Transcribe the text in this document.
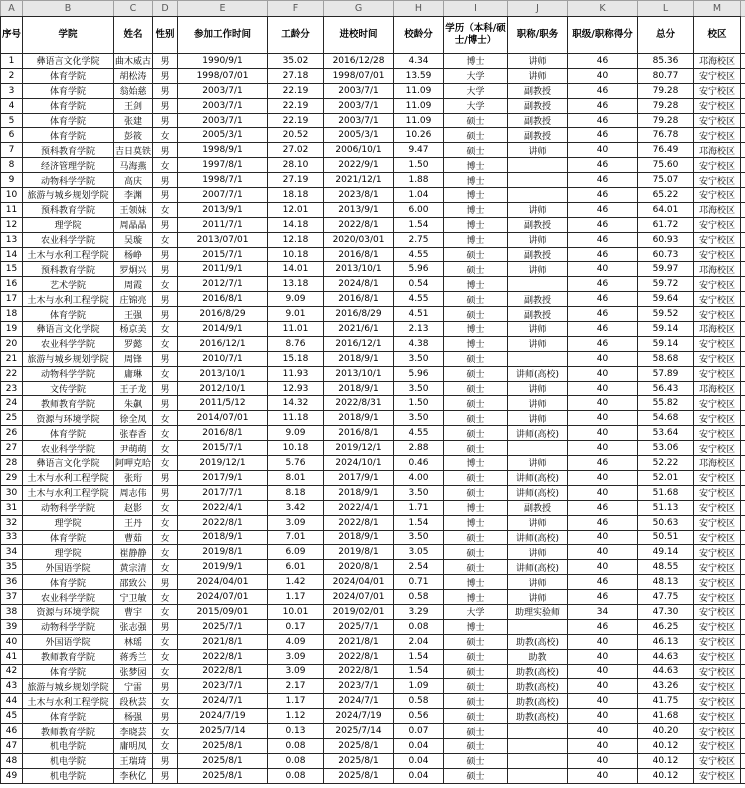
A	B	C	D	E	F	G	H	I	J	K	L	M	
序号	学院	姓名	性别	参加工作时间	工龄分	进校时间	校龄分	学历（本科/硕士/博士）	职称/职务	职级/职称得分	总分	校区	
1	彝语言文化学院	曲木威古	男	1990/9/1	35.02	2016/12/28	4.34	博士	讲师	46	85.36	邛海校区	
2	体育学院	胡松涛	男	1998/07/01	27.18	1998/07/01	13.59	大学	讲师	40	80.77	安宁校区	
3	体育学院	翁始慈	男	2003/7/1	22.19	2003/7/1	11.09	大学	副教授	46	79.28	安宁校区	
4	体育学院	王剑	男	2003/7/1	22.19	2003/7/1	11.09	大学	副教授	46	79.28	安宁校区	
5	体育学院	张建	男	2003/7/1	22.19	2003/7/1	11.09	硕士	副教授	46	79.28	安宁校区	
6	体育学院	彭筱	女	2005/3/1	20.52	2005/3/1	10.26	硕士	副教授	46	76.78	安宁校区	
7	预科教育学院	吉日莫铁	男	1998/9/1	27.02	2006/10/1	9.47	硕士	讲师	40	76.49	邛海校区	
8	经济管理学院	马海燕	女	1997/8/1	28.10	2022/9/1	1.50	博士		46	75.60	安宁校区	
9	动物科学学院	高庆	男	1998/7/1	27.19	2021/12/1	1.88	博士		46	75.07	安宁校区	
10	旅游与城乡规划学院	李渊	男	2007/7/1	18.18	2023/8/1	1.04	博士		46	65.22	安宁校区	
11	预科教育学院	王领妹	女	2013/9/1	12.01	2013/9/1	6.00	博士	讲师	46	64.01	邛海校区	
12	理学院	周晶晶	男	2011/7/1	14.18	2022/8/1	1.54	博士	副教授	46	61.72	安宁校区	
13	农业科学学院	吴璇	女	2013/07/01	12.18	2020/03/01	2.75	博士	讲师	46	60.93	安宁校区	
14	土木与水利工程学院	杨峥	男	2015/7/1	10.18	2016/8/1	4.55	硕士	副教授	46	60.73	安宁校区	
15	预科教育学院	罗炯兴	男	2011/9/1	14.01	2013/10/1	5.96	硕士	讲师	40	59.97	邛海校区	
16	艺术学院	周霞	女	2012/7/1	13.18	2024/8/1	0.54	博士		46	59.72	安宁校区	
17	土木与水利工程学院	庄锦亮	男	2016/8/1	9.09	2016/8/1	4.55	硕士	副教授	46	59.64	安宁校区	
18	体育学院	王强	男	2016/8/29	9.01	2016/8/29	4.51	硕士	副教授	46	59.52	安宁校区	
19	彝语言文化学院	杨京美	女	2014/9/1	11.01	2021/6/1	2.13	博士	讲师	46	59.14	邛海校区	
20	农业科学学院	罗懿	女	2016/12/1	8.76	2016/12/1	4.38	博士	讲师	46	59.14	安宁校区	
21	旅游与城乡规划学院	周锋	男	2010/7/1	15.18	2018/9/1	3.50	硕士		40	58.68	安宁校区	
22	动物科学学院	庸琳	女	2013/10/1	11.93	2013/10/1	5.96	硕士	讲师(高校)	40	57.89	安宁校区	
23	文传学院	王子龙	男	2012/10/1	12.93	2018/9/1	3.50	硕士	讲师	40	56.43	邛海校区	
24	教师教育学院	朱飙	男	2011/5/12	14.32	2022/8/31	1.50	硕士	讲师	40	55.82	安宁校区	
25	资源与环境学院	徐全凤	女	2014/07/01	11.18	2018/9/1	3.50	硕士	讲师	40	54.68	安宁校区	
26	体育学院	张春香	女	2016/8/1	9.09	2016/8/1	4.55	硕士	讲师(高校)	40	53.64	安宁校区	
27	农业科学学院	尹萌萌	女	2015/7/1	10.18	2019/12/1	2.88	硕士		40	53.06	安宁校区	
28	彝语言文化学院	阿呷克哈	女	2019/12/1	5.76	2024/10/1	0.46	博士	讲师	46	52.22	邛海校区	
29	土木与水利工程学院	张珩	男	2017/9/1	8.01	2017/9/1	4.00	硕士	讲师(高校)	40	52.01	安宁校区	
30	土木与水利工程学院	周志伟	男	2017/7/1	8.18	2018/9/1	3.50	硕士	讲师(高校)	40	51.68	安宁校区	
31	动物科学学院	赵影	女	2022/4/1	3.42	2022/4/1	1.71	博士	副教授	46	51.13	安宁校区	
32	理学院	王丹	女	2022/8/1	3.09	2022/8/1	1.54	博士	讲师	46	50.63	安宁校区	
33	体育学院	曹茹	女	2018/9/1	7.01	2018/9/1	3.50	硕士	讲师(高校)	40	50.51	安宁校区	
34	理学院	崔静静	女	2019/8/1	6.09	2019/8/1	3.05	硕士	讲师	40	49.14	安宁校区	
35	外国语学院	黄宗清	女	2019/9/1	6.01	2020/8/1	2.54	硕士	讲师(高校)	40	48.55	安宁校区	
36	体育学院	邵致公	男	2024/04/01	1.42	2024/04/01	0.71	博士	讲师	46	48.13	安宁校区	
37	农业科学学院	宁卫敏	女	2024/07/01	1.17	2024/07/01	0.58	博士	讲师	46	47.75	安宁校区	
38	资源与环境学院	曹宇	女	2015/09/01	10.01	2019/02/01	3.29	大学	助理实验师	34	47.30	安宁校区	
39	动物科学学院	张志强	男	2025/7/1	0.17	2025/7/1	0.08	博士		46	46.25	安宁校区	
40	外国语学院	林瑶	女	2021/8/1	4.09	2021/8/1	2.04	硕士	助教(高校)	40	46.13	安宁校区	
41	教师教育学院	蒋秀兰	女	2022/8/1	3.09	2022/8/1	1.54	硕士	助教	40	44.63	安宁校区	
42	体育学院	张梦园	女	2022/8/1	3.09	2022/8/1	1.54	硕士	助教(高校)	40	44.63	安宁校区	
43	旅游与城乡规划学院	宁雷	男	2023/7/1	2.17	2023/7/1	1.09	硕士	助教(高校)	40	43.26	安宁校区	
44	土木与水利工程学院	段秋芸	女	2024/7/1	1.17	2024/7/1	0.58	硕士	助教(高校)	40	41.75	安宁校区	
45	体育学院	杨强	男	2024/7/19	1.12	2024/7/19	0.56	硕士	助教(高校)	40	41.68	安宁校区	
46	教师教育学院	李晓芸	女	2025/7/14	0.13	2025/7/14	0.07	硕士		40	40.20	安宁校区	
47	机电学院	庸明凤	女	2025/8/1	0.08	2025/8/1	0.04	硕士		40	40.12	安宁校区	
48	机电学院	王瑞琦	男	2025/8/1	0.08	2025/8/1	0.04	硕士		40	40.12	安宁校区	
49	机电学院	李秋亿	男	2025/8/1	0.08	2025/8/1	0.04	硕士		40	40.12	安宁校区	
